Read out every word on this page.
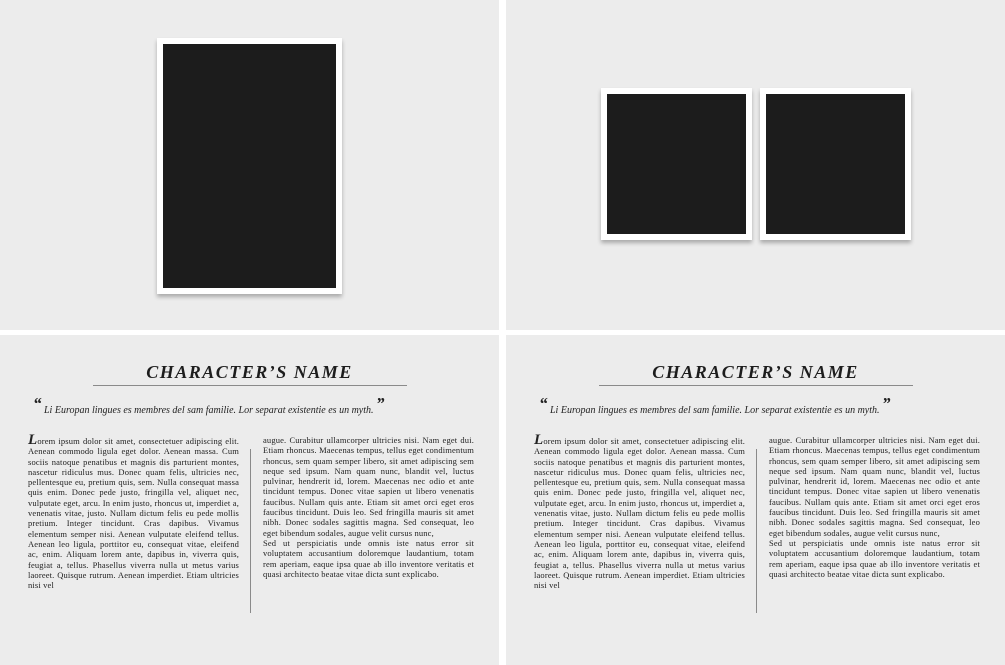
CHARACTER’S NAME
“ Li Europan lingues es membres del sam familie. Lor separat existentie es un myth. ”

Lorem ipsum dolor sit amet, consectetuer adipiscing elit. Aenean commodo ligula eget dolor. Aenean massa. Cum sociis natoque penatibus et magnis dis parturient montes, nascetur ridiculus mus. Donec quam felis, ultricies nec, pellentesque eu, pretium quis, sem. Nulla consequat massa quis enim. Donec pede justo, fringilla vel, aliquet nec, vulputate eget, arcu. In enim justo, rhoncus ut, imperdiet a, venenatis vitae, justo. Nullam dictum felis eu pede mollis pretium. Integer tincidunt. Cras dapibus. Vivamus elementum semper nisi. Aenean vulputate eleifend tellus. Aenean leo ligula, porttitor eu, consequat vitae, eleifend ac, enim. Aliquam lorem ante, dapibus in, viverra quis, feugiat a, tellus. Phasellus viverra nulla ut metus varius laoreet. Quisque rutrum. Aenean imperdiet. Etiam ultricies nisi vel

augue. Curabitur ullamcorper ultricies nisi. Nam eget dui. Etiam rhoncus. Maecenas tempus, tellus eget condimentum rhoncus, sem quam semper libero, sit amet adipiscing sem neque sed ipsum. Nam quam nunc, blandit vel, luctus pulvinar, hendrerit id, lorem. Maecenas nec odio et ante tincidunt tempus. Donec vitae sapien ut libero venenatis faucibus. Nullam quis ante. Etiam sit amet orci eget eros faucibus tincidunt. Duis leo. Sed fringilla mauris sit amet nibh. Donec sodales sagittis magna. Sed consequat, leo eget bibendum sodales, augue velit cursus nunc,

Sed ut perspiciatis unde omnis iste natus error sit voluptatem accusantium doloremque laudantium, totam rem aperiam, eaque ipsa quae ab illo inventore veritatis et quasi architecto beatae vitae dicta sunt explicabo.

CHARACTER’S NAME
“ Li Europan lingues es membres del sam familie. Lor separat existentie es un myth. ”

Lorem ipsum dolor sit amet, consectetuer adipiscing elit. Aenean commodo ligula eget dolor. Aenean massa. Cum sociis natoque penatibus et magnis dis parturient montes, nascetur ridiculus mus. Donec quam felis, ultricies nec, pellentesque eu, pretium quis, sem. Nulla consequat massa quis enim. Donec pede justo, fringilla vel, aliquet nec, vulputate eget, arcu. In enim justo, rhoncus ut, imperdiet a, venenatis vitae, justo. Nullam dictum felis eu pede mollis pretium. Integer tincidunt. Cras dapibus. Vivamus elementum semper nisi. Aenean vulputate eleifend tellus. Aenean leo ligula, porttitor eu, consequat vitae, eleifend ac, enim. Aliquam lorem ante, dapibus in, viverra quis, feugiat a, tellus. Phasellus viverra nulla ut metus varius laoreet. Quisque rutrum. Aenean imperdiet. Etiam ultricies nisi vel

augue. Curabitur ullamcorper ultricies nisi. Nam eget dui. Etiam rhoncus. Maecenas tempus, tellus eget condimentum rhoncus, sem quam semper libero, sit amet adipiscing sem neque sed ipsum. Nam quam nunc, blandit vel, luctus pulvinar, hendrerit id, lorem. Maecenas nec odio et ante tincidunt tempus. Donec vitae sapien ut libero venenatis faucibus. Nullam quis ante. Etiam sit amet orci eget eros faucibus tincidunt. Duis leo. Sed fringilla mauris sit amet nibh. Donec sodales sagittis magna. Sed consequat, leo eget bibendum sodales, augue velit cursus nunc,

Sed ut perspiciatis unde omnis iste natus error sit voluptatem accusantium doloremque laudantium, totam rem aperiam, eaque ipsa quae ab illo inventore veritatis et quasi architecto beatae vitae dicta sunt explicabo.
